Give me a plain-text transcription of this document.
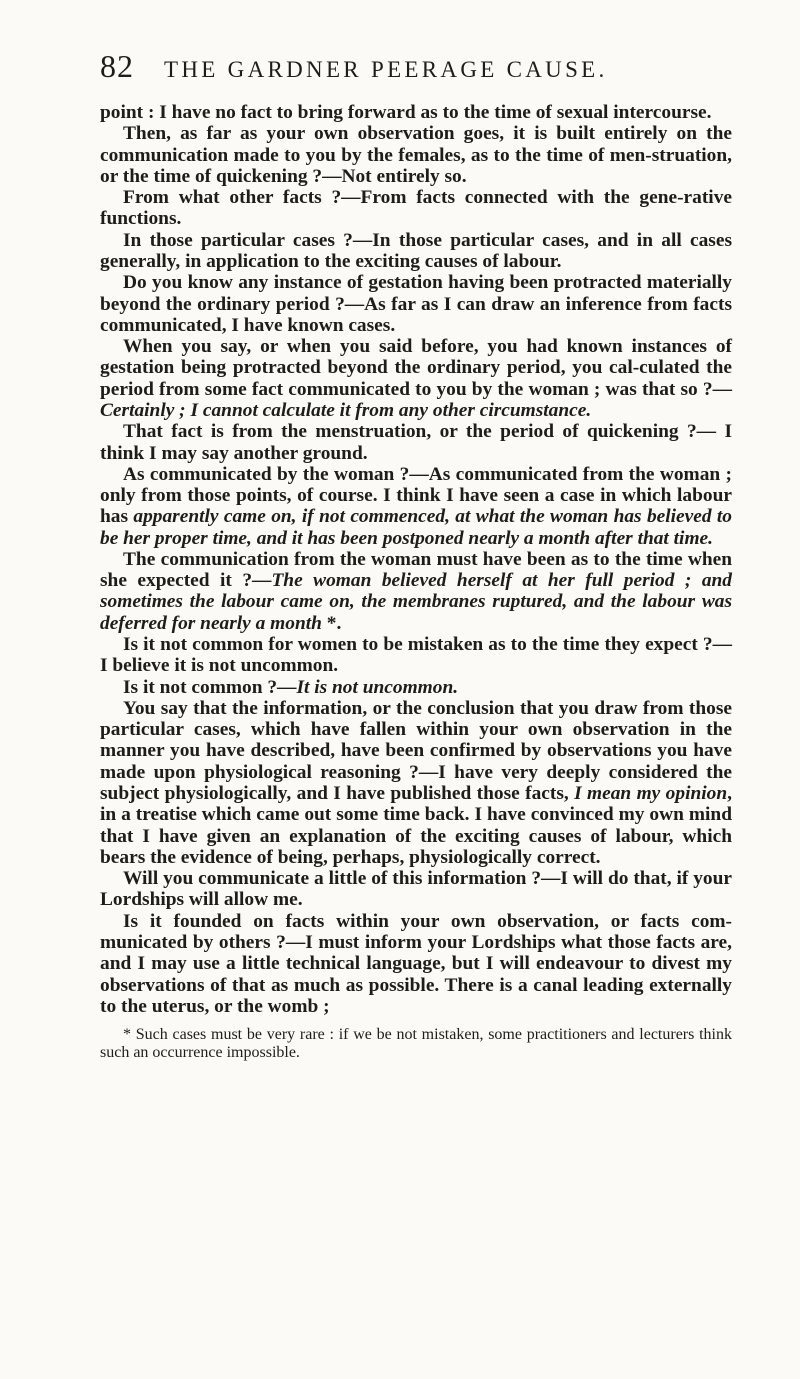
82	THE GARDNER PEERAGE CAUSE.

point : I have no fact to bring forward as to the time of sexual intercourse.

Then, as far as your own observation goes, it is built entirely on the communication made to you by the females, as to the time of men-struation, or the time of quickening ?—Not entirely so.

From what other facts ?—From facts connected with the gene-rative functions.

In those particular cases ?—In those particular cases, and in all cases generally, in application to the exciting causes of labour.

Do you know any instance of gestation having been protracted materially beyond the ordinary period ?—As far as I can draw an inference from facts communicated, I have known cases.

When you say, or when you said before, you had known instances of gestation being protracted beyond the ordinary period, you cal-culated the period from some fact communicated to you by the woman ; was that so ?—Certainly ; I cannot calculate it from any other circumstance.

That fact is from the menstruation, or the period of quickening ?— I think I may say another ground.

As communicated by the woman ?—As communicated from the woman ; only from those points, of course. I think I have seen a case in which labour has apparently came on, if not commenced, at what the woman has believed to be her proper time, and it has been postponed nearly a month after that time.

The communication from the woman must have been as to the time when she expected it ?—The woman believed herself at her full period ; and sometimes the labour came on, the membranes ruptured, and the labour was deferred for nearly a month *.

Is it not common for women to be mistaken as to the time they expect ?—I believe it is not uncommon.

Is it not common ?—It is not uncommon.

You say that the information, or the conclusion that you draw from those particular cases, which have fallen within your own observation in the manner you have described, have been confirmed by observations you have made upon physiological reasoning ?—I have very deeply considered the subject physiologically, and I have published those facts, I mean my opinion, in a treatise which came out some time back. I have convinced my own mind that I have given an explanation of the exciting causes of labour, which bears the evidence of being, perhaps, physiologically correct.

Will you communicate a little of this information ?—I will do that, if your Lordships will allow me.

Is it founded on facts within your own observation, or facts com-municated by others ?—I must inform your Lordships what those facts are, and I may use a little technical language, but I will endeavour to divest my observations of that as much as possible. There is a canal leading externally to the uterus, or the womb ;

* Such cases must be very rare : if we be not mistaken, some practitioners and lecturers think such an occurrence impossible.
